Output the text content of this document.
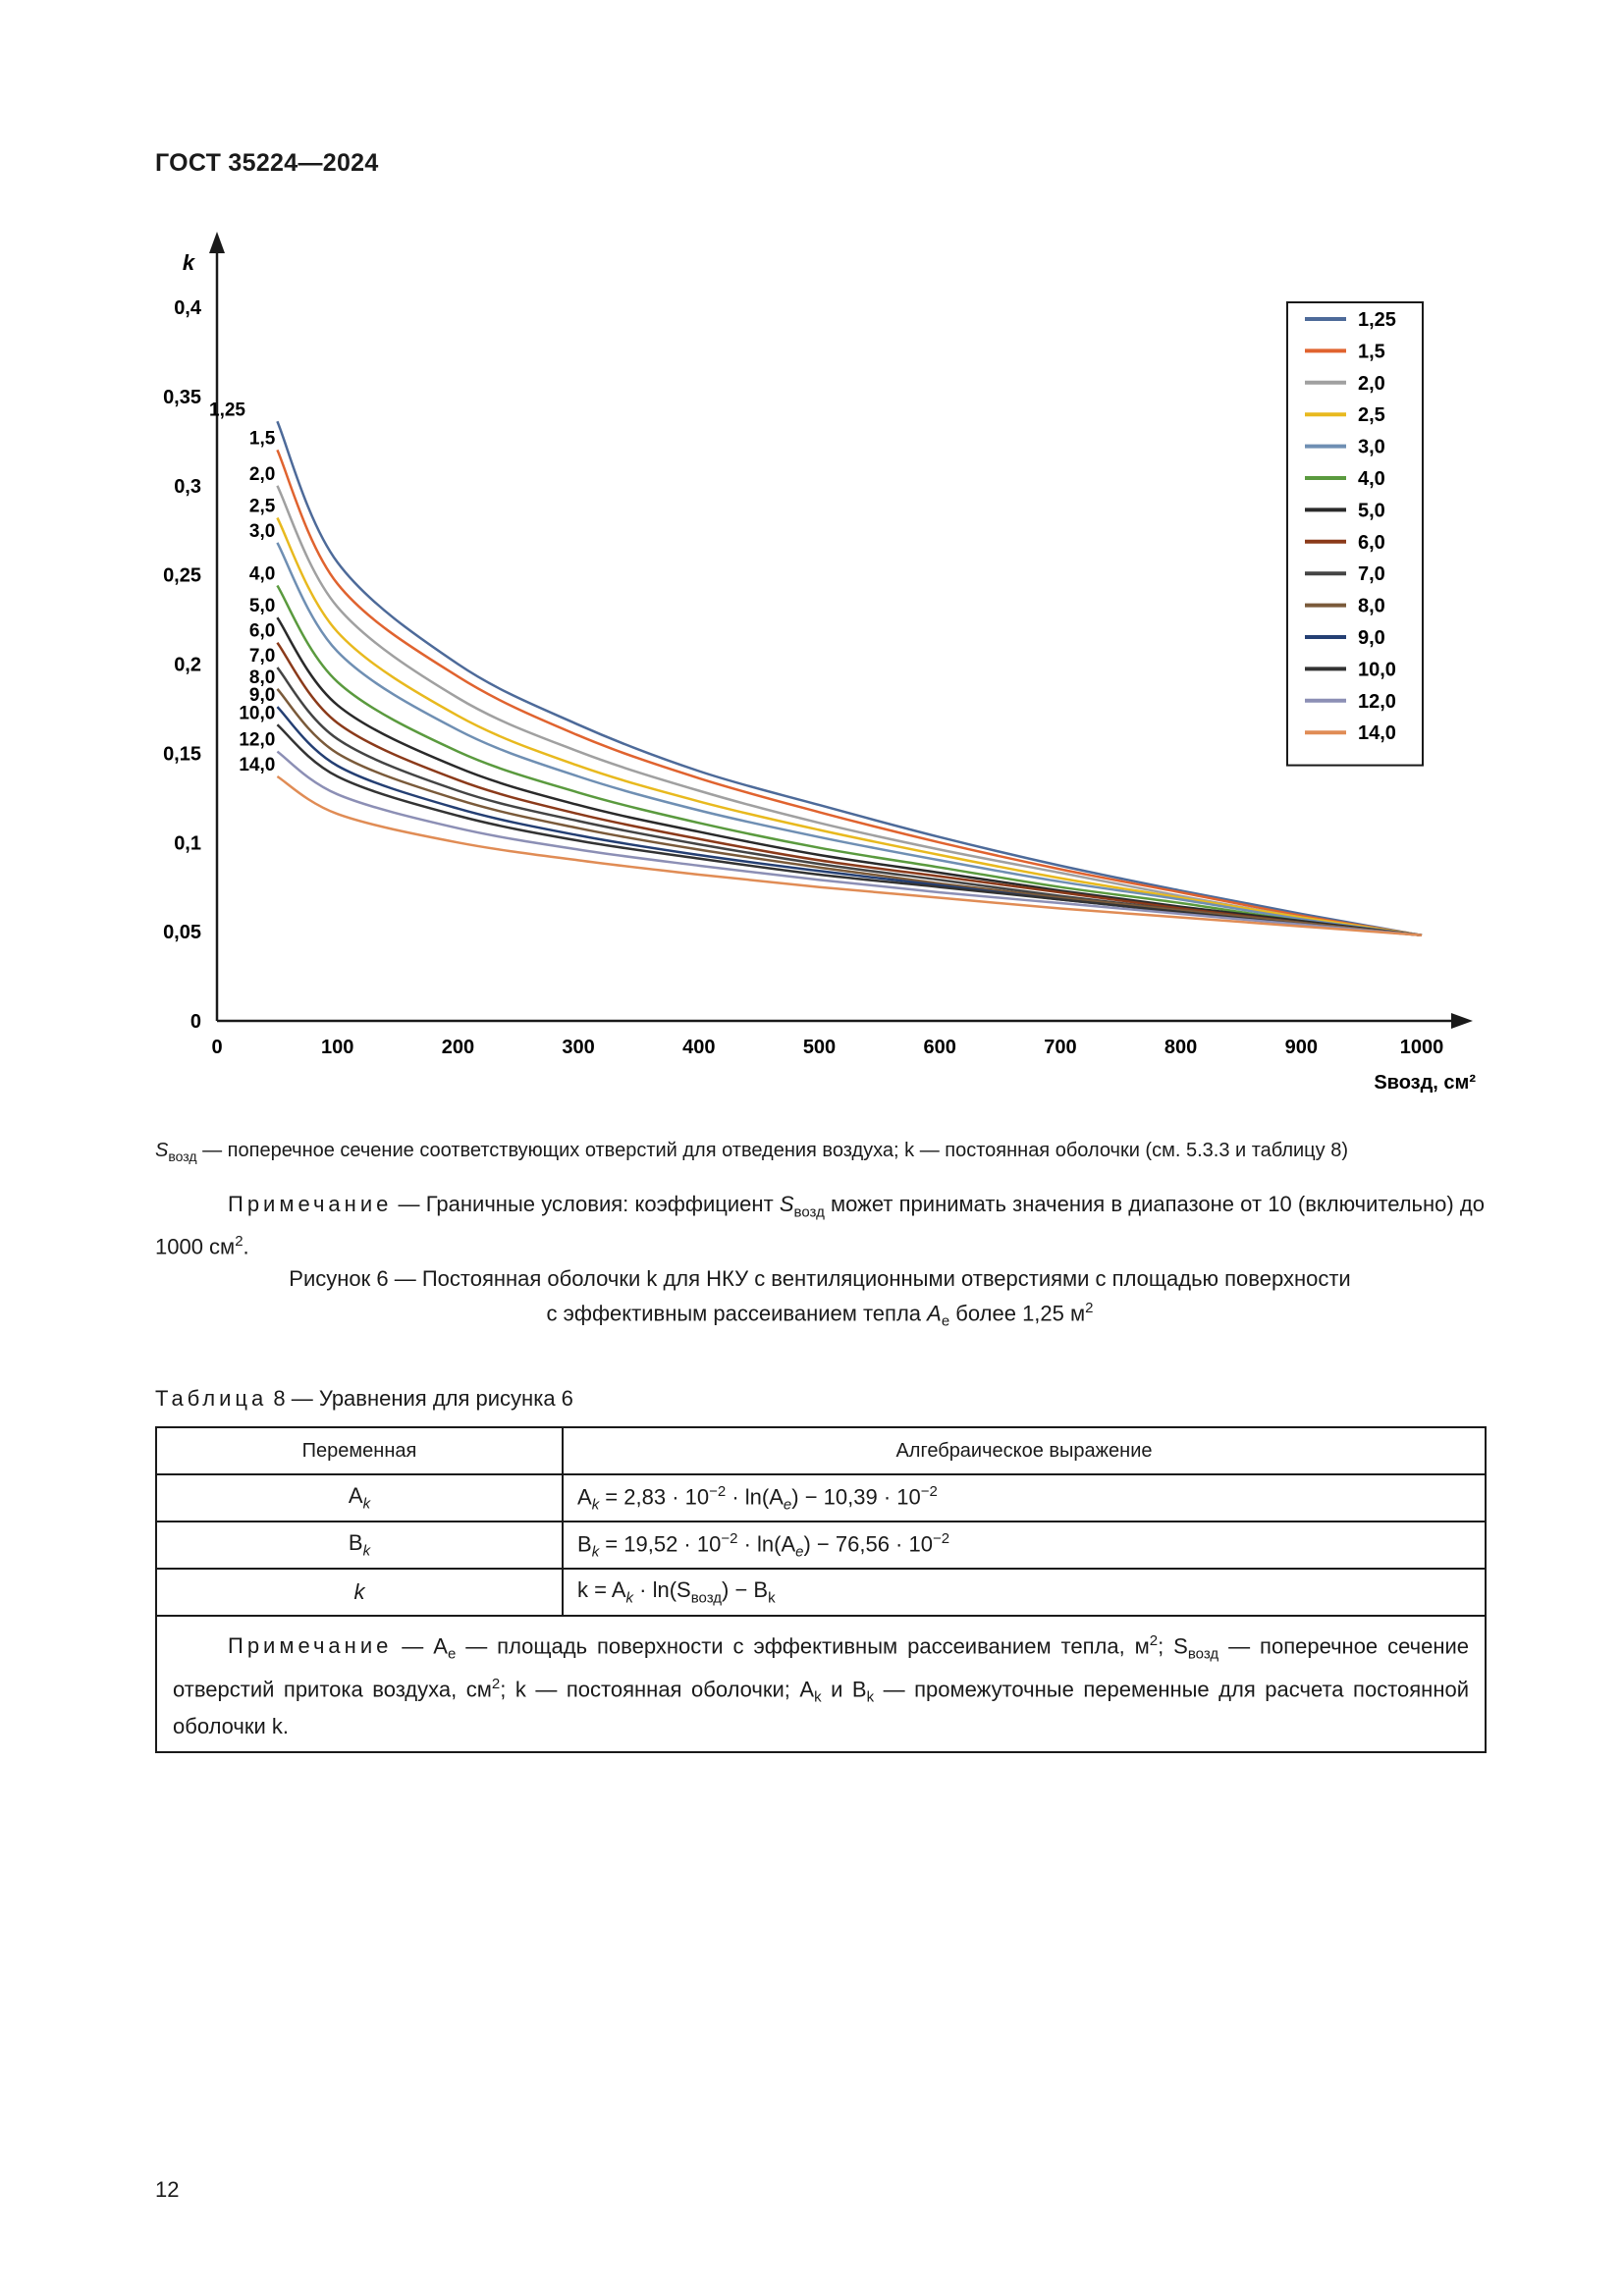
ГОСТ 35224—2024
k
Sвозд, см²
0	100	200	300	400	500	600	700	800	900	1000
0
0,05
0,1
0,15
0,2
0,25
0,3
0,35
0,4
1,25
1,5
2,0
2,5
3,0
4,0
5,0
6,0
7,0
8,0
9,0
10,0
12,0
14,0
1,25
1,5
2,0
2,5
3,0
4,0
5,0
6,0
7,0
8,0
9,0
10,0
12,0
14,0
$S_{возд}$ — поперечное сечение соответствующих отверстий для отведения воздуха; k — постоянная оболочки (см. 5.3.3 и таблицу 8)
Примечание — Граничные условия: коэффициент $S_{возд}$ может принимать значения в диапазоне от 10 (включительно) до 1000 $см^2$.
Рисунок 6 — Постоянная оболочки k для НКУ с вентиляционными отверстиями с площадью поверхности
с эффективным рассеиванием тепла $A_e$ более 1,25 $м^2$
Таблица 8 — Уравнения для рисунка 6
Переменная	Алгебраическое выражение
$A_k$	$A_k = 2,83 \cdot 10^{-2} \cdot \ln(A_e) - 10,39 \cdot 10^{-2}$
$B_k$	$B_k = 19,52 \cdot 10^{-2} \cdot \ln(A_e) - 76,56 \cdot 10^{-2}$
k	$k = A_k \cdot \ln(S_{возд}) - B_k$
Примечание — $A_e$ — площадь поверхности с эффективным рассеиванием тепла, $м^2$; $S_{возд}$ — поперечное сечение отверстий притока воздуха, $см^2$; k — постоянная оболочки; $A_k$ и $B_k$ — промежуточные переменные для расчета постоянной оболочки k.	
12
